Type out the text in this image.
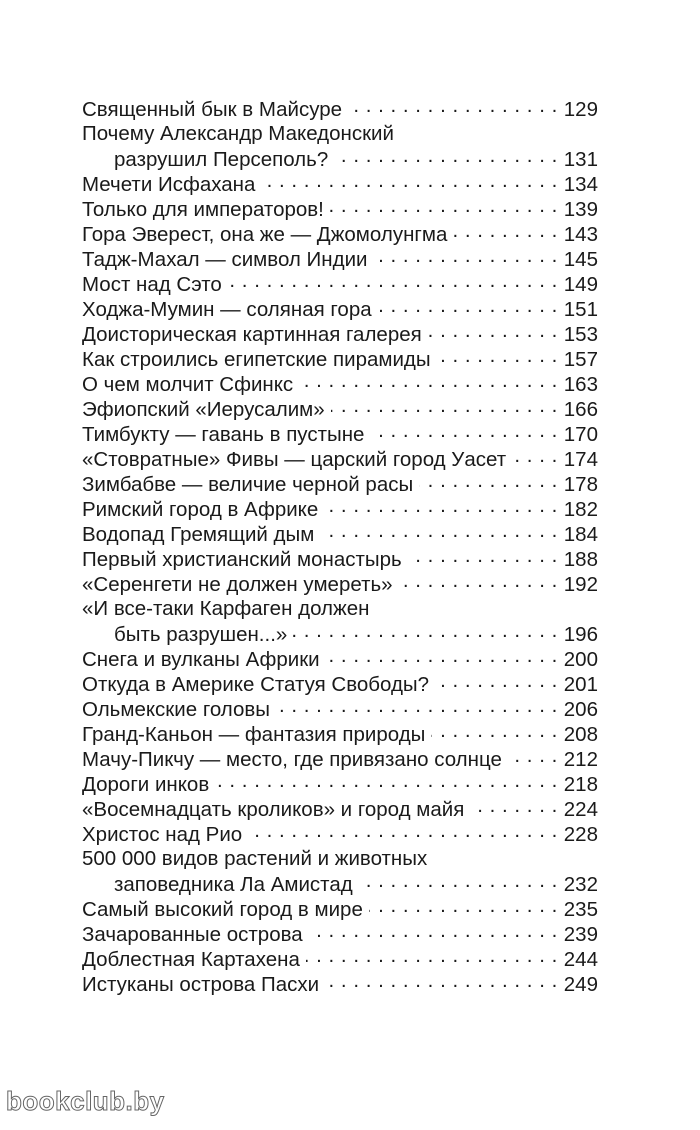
Священный бык в Майсуре . . .	129
Почему Александр Македонский
разрушил Персеполь? . . .	131
Мечети Исфахана . . .	134
Только для императоров! . . .	139
Гора Эверест, она же — Джомолунгма . . .	143
Тадж-Махал — символ Индии . . .	145
Мост над Сэто . . .	149
Ходжа-Мумин — соляная гора . . .	151
Доисторическая картинная галерея . . .	153
Как строились египетские пирамиды . . .	157
О чем молчит Сфинкс . . .	163
Эфиопский «Иерусалим» . . .	166
Тимбукту — гавань в пустыне . . .	170
«Стовратные» Фивы — царский город Уасет . . .	174
Зимбабве — величие черной расы . . .	178
Римский город в Африке . . .	182
Водопад Гремящий дым . . .	184
Первый христианский монастырь . . .	188
«Серенгети не должен умереть» . . .	192
«И все-таки Карфаген должен
быть разрушен...» . . .	196
Снега и вулканы Африки . . .	200
Откуда в Америке Статуя Свободы? . . .	201
Ольмекские головы . . .	206
Гранд-Каньон — фантазия природы . . .	208
Мачу-Пикчу — место, где привязано солнце . . .	212
Дороги инков . . .	218
«Восемнадцать кроликов» и город майя . . .	224
Христос над Рио . . .	228
500 000 видов растений и животных
заповедника Ла Амистад . . .	232
Самый высокий город в мире . . .	235
Зачарованные острова . . .	239
Доблестная Картахена . . .	244
Истуканы острова Пасхи . . .	249
bookclub.by
